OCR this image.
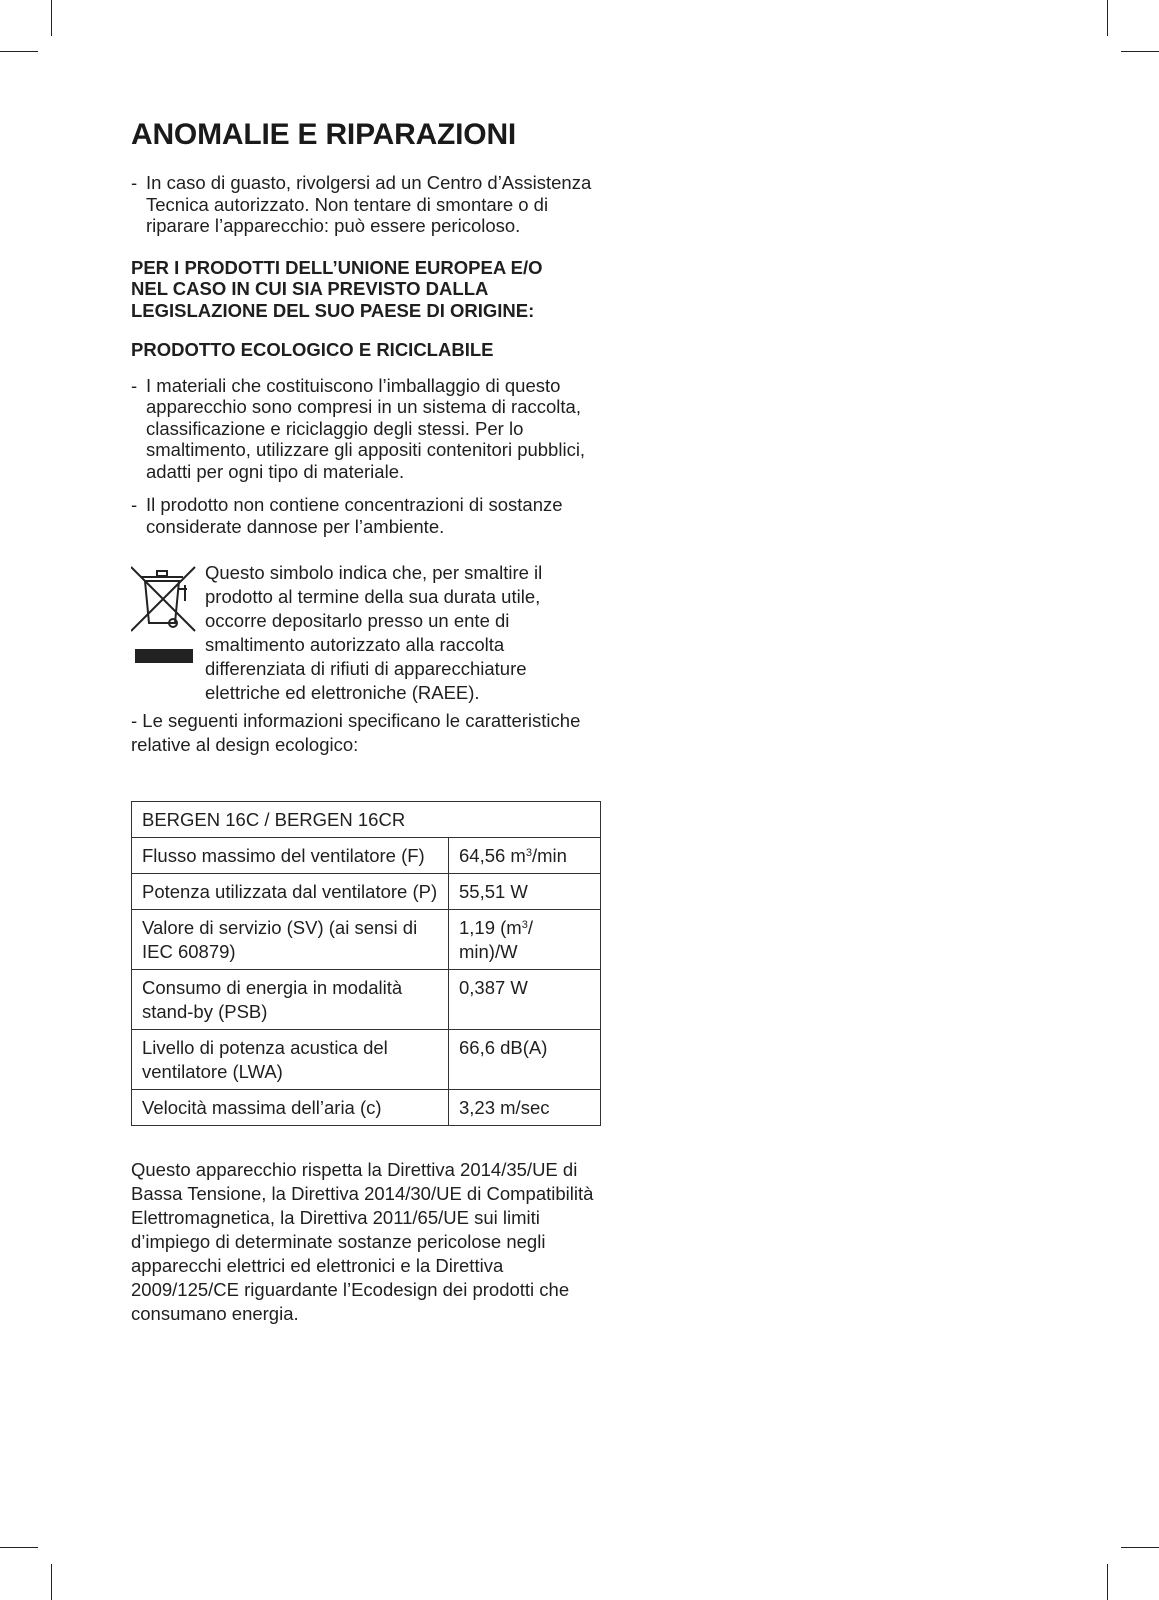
ANOMALIE E RIPARAZIONI
- In caso di guasto, rivolgersi ad un Centro d’Assistenza Tecnica autorizzato. Non tentare di smontare o di riparare l’apparecchio: può essere pericoloso.

PER I PRODOTTI DELL’UNIONE EUROPEA E/O NEL CASO IN CUI SIA PREVISTO DALLA LEGISLAZIONE DEL SUO PAESE DI ORIGINE:

PRODOTTO ECOLOGICO E RICICLABILE

- I materiali che costituiscono l’imballaggio di questo apparecchio sono compresi in un sistema di raccolta, classificazione e riciclaggio degli stessi. Per lo smaltimento, utilizzare gli appositi contenitori pubblici, adatti per ogni tipo di materiale.
- Il prodotto non contiene concentrazioni di sostanze considerate dannose per l’ambiente.
Questo simbolo indica che, per smaltire il prodotto al termine della sua durata utile, occorre depositarlo presso un ente di smaltimento autorizzato alla raccolta differenziata di rifiuti di apparecchiature elettriche ed elettroniche (RAEE).
- Le seguenti informazioni specificano le caratteristiche relative al design ecologico:
BERGEN 16C / BERGEN 16CR	
Flusso massimo del ventilatore (F)	64,56 $m^3/\min$
Potenza utilizzata dal ventilatore (P)	55,51 W
Valore di servizio (SV) (ai sensi di IEC 60879)	1,19 ($m^3/$ min)/W
Consumo di energia in modalità stand-by (PSB)	0,387 W
Livello di potenza acustica del ventilatore (LWA)	66,6 dB(A)
Velocità massima dell’aria (c)	3,23 m/sec
Questo apparecchio rispetta la Direttiva 2014/35/UE di Bassa Tensione, la Direttiva 2014/30/UE di Compatibilità Elettromagnetica, la Direttiva 2011/65/UE sui limiti d’impiego di determinate sostanze pericolose negli apparecchi elettrici ed elettronici e la Direttiva 2009/125/CE riguardante l’Ecodesign dei prodotti che consumano energia.
